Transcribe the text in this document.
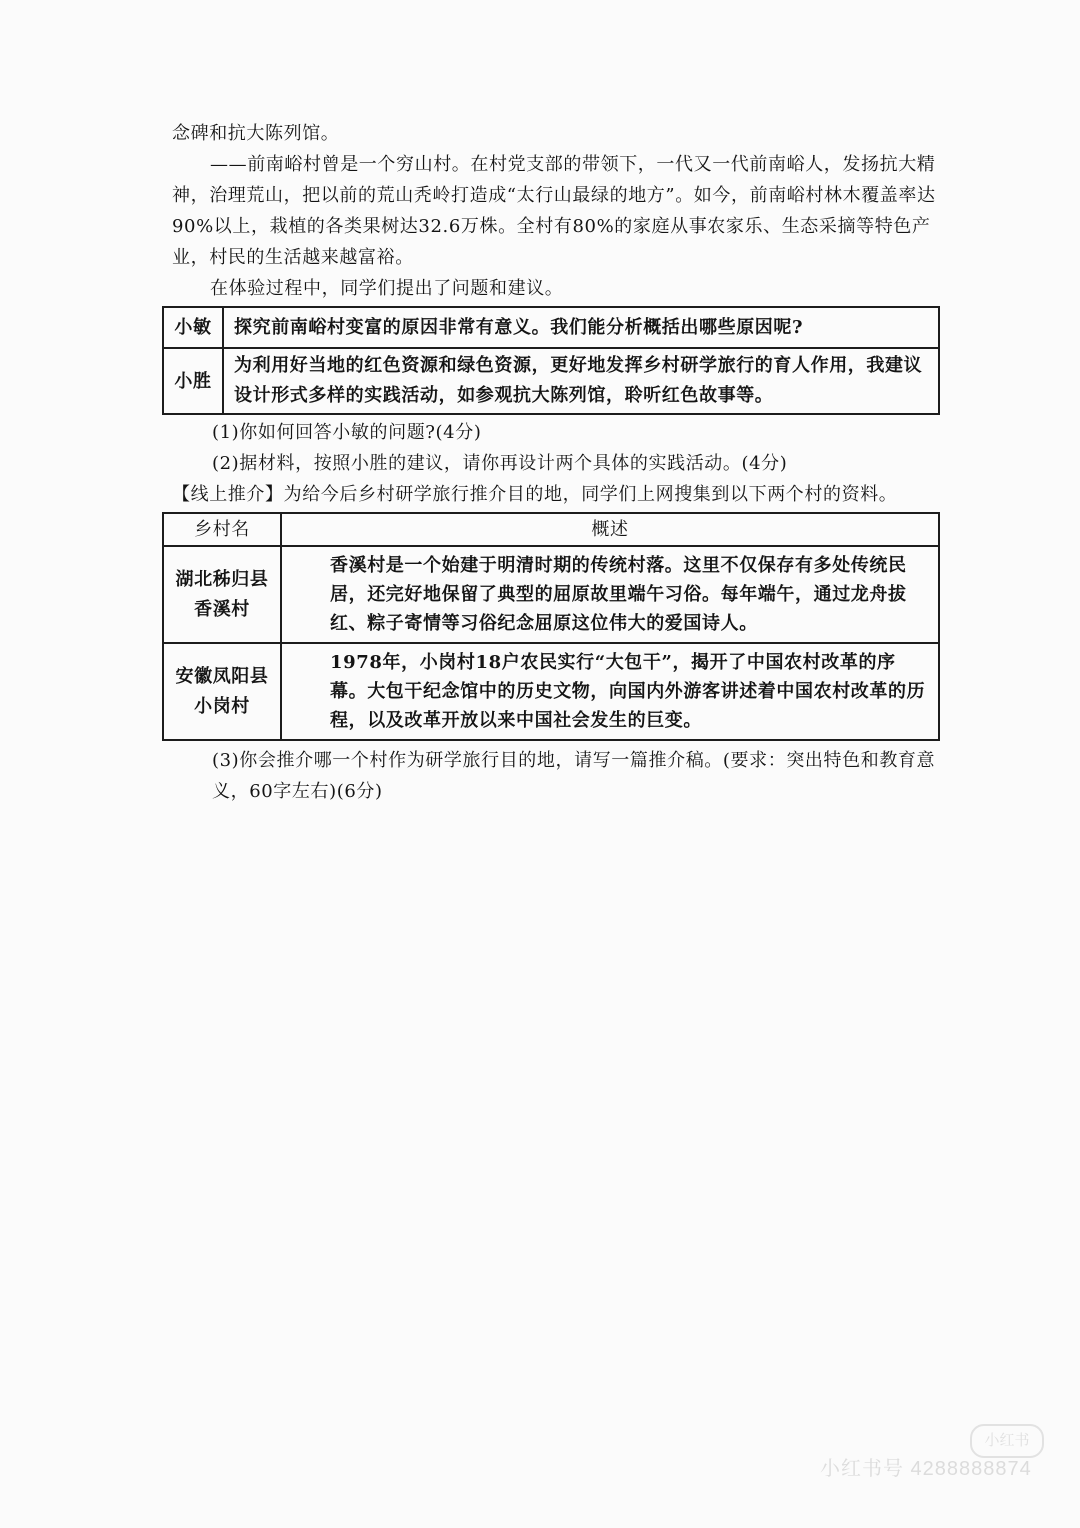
念碑和抗大陈列馆。

——前南峪村曾是一个穷山村。在村党支部的带领下，一代又一代前南峪人，发扬抗大精神，治理荒山，把以前的荒山秃岭打造成“太行山最绿的地方”。如今，前南峪村林木覆盖率达90%以上，栽植的各类果树达32.6万株。全村有80%的家庭从事农家乐、生态采摘等特色产业，村民的生活越来越富裕。

在体验过程中，同学们提出了问题和建议。

小敏	探究前南峪村变富的原因非常有意义。我们能分析概括出哪些原因呢?
小胜	为利用好当地的红色资源和绿色资源，更好地发挥乡村研学旅行的育人作用，我建议设计形式多样的实践活动，如参观抗大陈列馆，聆听红色故事等。

(1)你如何回答小敏的问题?(4分)

(2)据材料，按照小胜的建议，请你再设计两个具体的实践活动。(4分)

【线上推介】为给今后乡村研学旅行推介目的地，同学们上网搜集到以下两个村的资料。

乡村名	概述

湖北秭归县
香溪村	香溪村是一个始建于明清时期的传统村落。这里不仅保存有多处传统民居，还完好地保留了典型的屈原故里端午习俗。每年端午，通过龙舟拔红、粽子寄情等习俗纪念屈原这位伟大的爱国诗人。

安徽凤阳县
小岗村	1978年，小岗村18户农民实行“大包干”，揭开了中国农村改革的序幕。大包干纪念馆中的历史文物，向国内外游客讲述着中国农村改革的历程，以及改革开放以来中国社会发生的巨变。

(3)你会推介哪一个村作为研学旅行目的地，请写一篇推介稿。(要求：突出特色和教育意义，60字左右)(6分)

小红书
小红书号 4288888874
